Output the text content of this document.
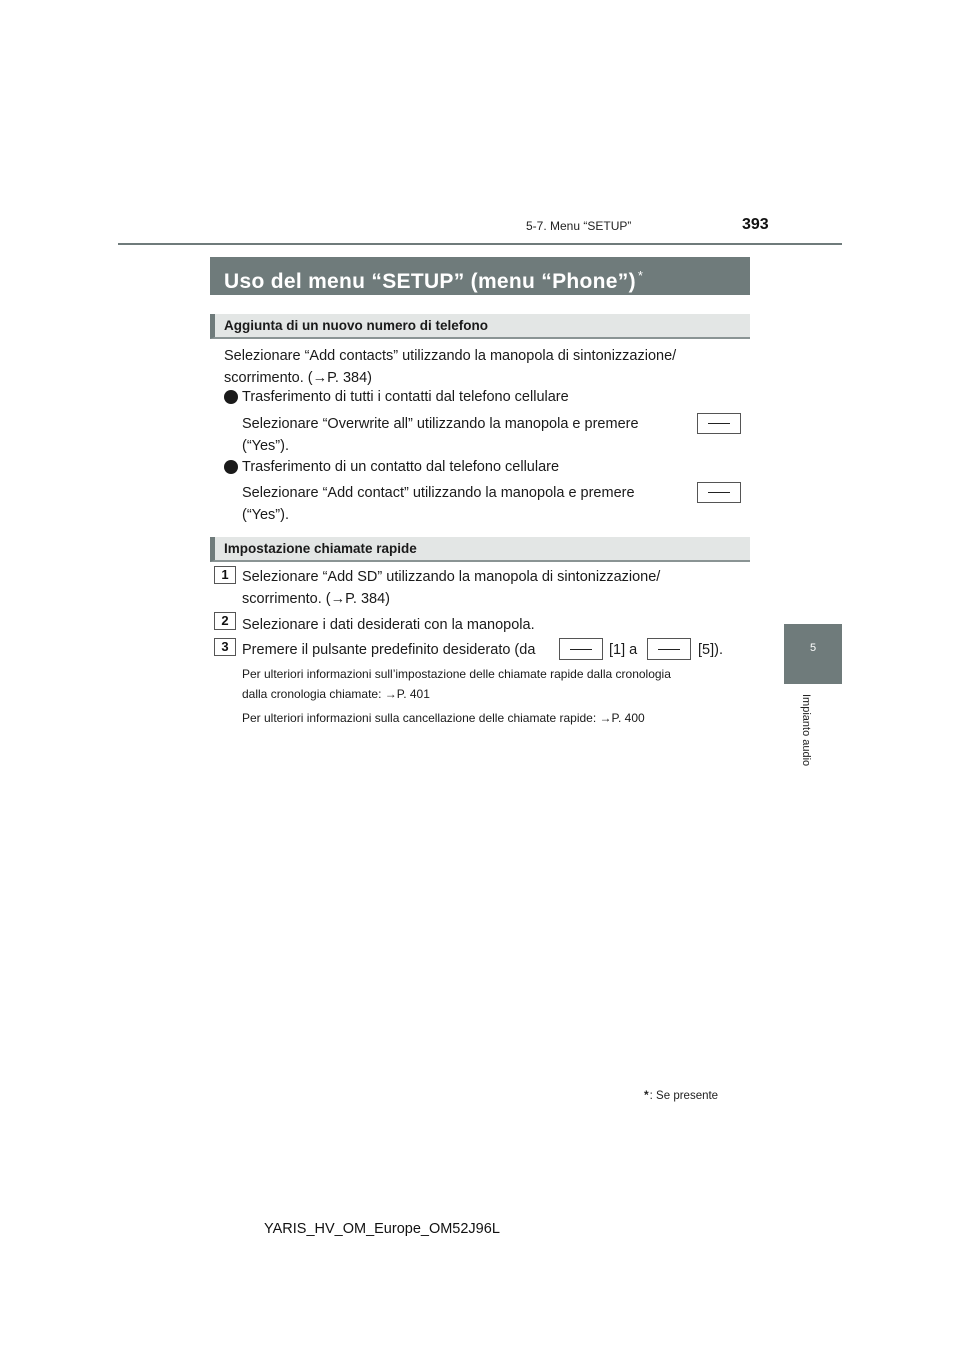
5-7. Menu “SETUP”	393
5
Impianto audio
Uso del menu “SETUP” (menu “Phone”) *
Aggiunta di un nuovo numero di telefono
Selezionare “Add contacts” utilizzando la manopola di sintonizzazione/
scorrimento. (→P. 384)
Trasferimento di tutti i contatti dal telefono cellulare
Selezionare “Overwrite all” utilizzando la manopola e premere
(“Yes”).
Trasferimento di un contatto dal telefono cellulare
Selezionare “Add contact” utilizzando la manopola e premere
(“Yes”).
Impostazione chiamate rapide
1 Selezionare “Add SD” utilizzando la manopola di sintonizzazione/
scorrimento. (→P. 384)
2 Selezionare i dati desiderati con la manopola.
3 Premere il pulsante predefinito desiderato (da	[1] a	[5]).
Per ulteriori informazioni sull’impostazione delle chiamate rapide dalla cronologia
dalla cronologia chiamate: →P. 401
Per ulteriori informazioni sulla cancellazione delle chiamate rapide: →P. 400
*: Se presente
YARIS_HV_OM_Europe_OM52J96L
